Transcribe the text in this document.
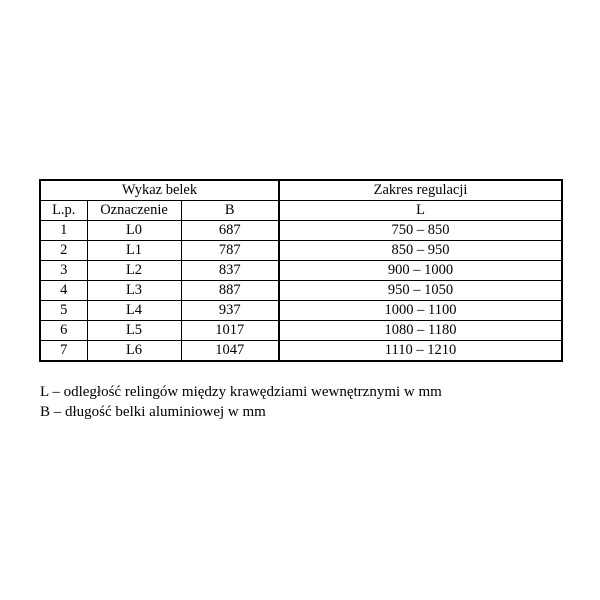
Wykaz belek			Zakres regulacji
L.p.	Oznaczenie	B	L
1	L0	687	750 – 850
2	L1	787	850 – 950
3	L2	837	900 – 1000
4	L3	887	950 – 1050
5	L4	937	1000 – 1100
6	L5	1017	1080 – 1180
7	L6	1047	1110 – 1210
L – odległość relingów między krawędziami wewnętrznymi w mm
B – długość belki aluminiowej w mm
